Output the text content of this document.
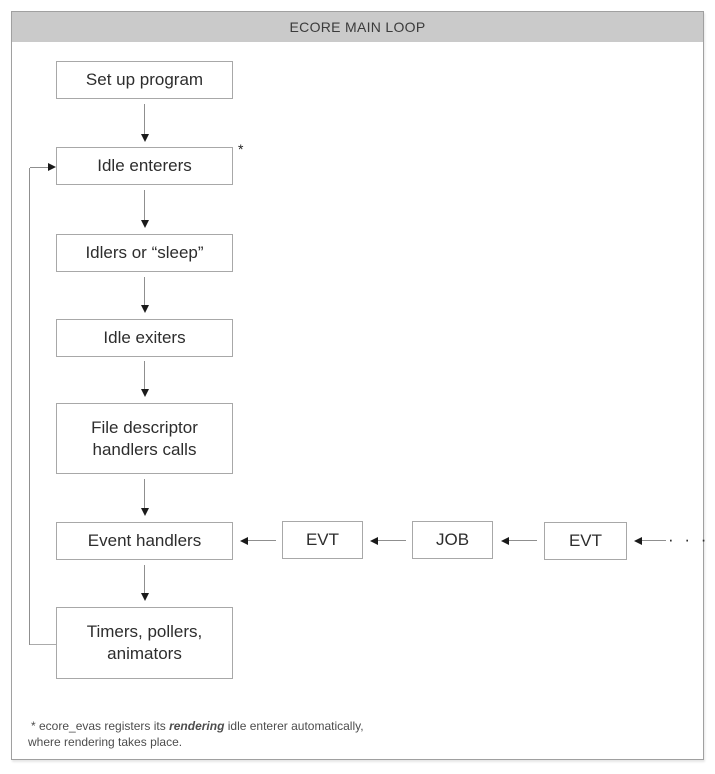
ECORE MAIN LOOP
Set up program
Idle enterers
Idlers or “sleep”
Idle exiters
File descriptor handlers calls
Event handlers
Timers, pollers, animators
*
EVT	JOB	EVT	· · ·
* ecore_evas registers its rendering idle enterer automatically,
where rendering takes place.
